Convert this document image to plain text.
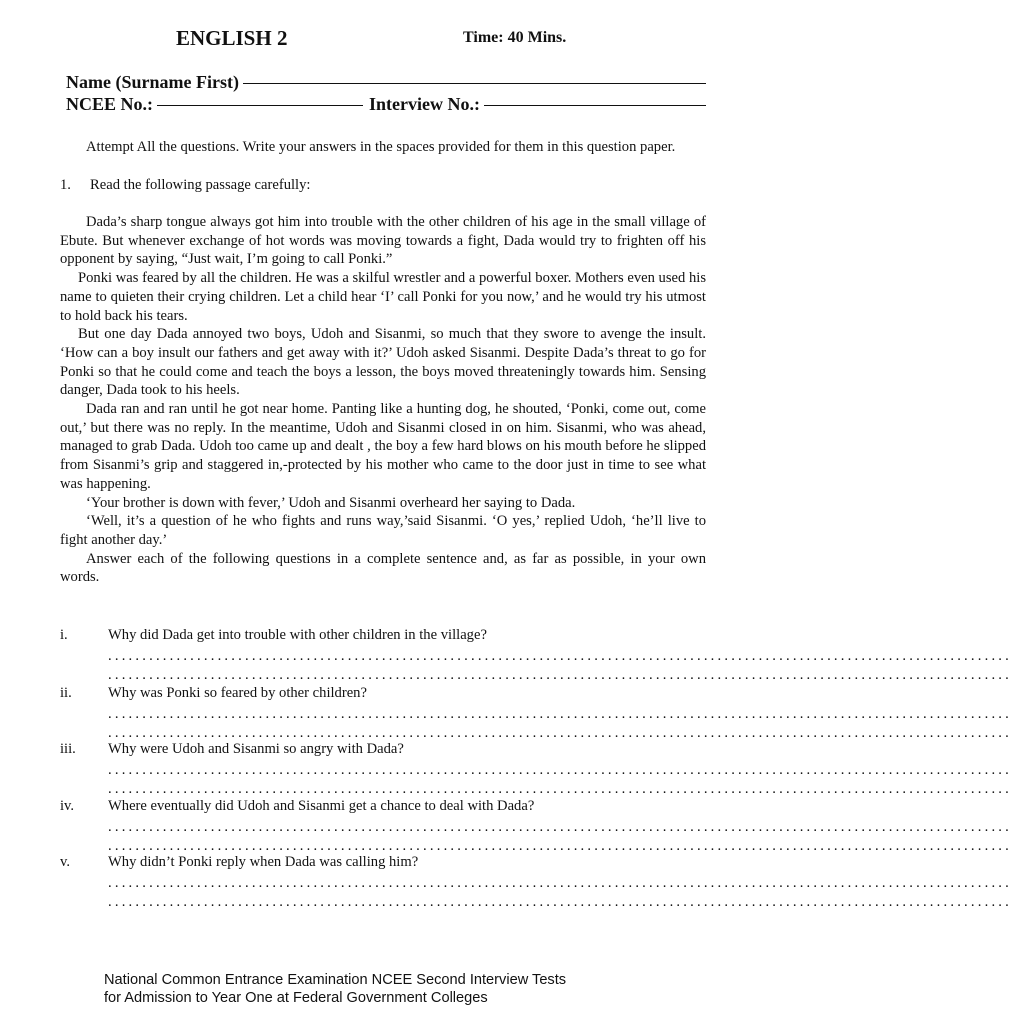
ENGLISH 2	Time: 40 Mins.
Name (Surname First)
NCEE No.:	Interview No.:

Attempt All the questions. Write your answers in the spaces provided for them in this question paper.

1.	Read the following passage carefully:

Dada’s sharp tongue always got him into trouble with the other children of his age in the small village of Ebute. But whenever exchange of hot words was moving towards a fight, Dada would try to frighten off his opponent by saying, “Just wait, I’m going to call Ponki.”

Ponki was feared by all the children. He was a skilful wrestler and a powerful boxer. Mothers even used his name to quieten their crying children. Let a child hear ‘I’ call Ponki for you now,’ and he would try his utmost to hold back his tears.

But one day Dada annoyed two boys, Udoh and Sisanmi, so much that they swore to avenge the insult. ‘How can a boy insult our fathers and get away with it?’ Udoh asked Sisanmi. Despite Dada’s threat to go for Ponki so that he could come and teach the boys a lesson, the boys moved threateningly towards him. Sensing danger, Dada took to his heels.

Dada ran and ran until he got near home. Panting like a hunting dog, he shouted, ‘Ponki, come out, come out,’ but there was no reply. In the meantime, Udoh and Sisanmi closed in on him. Sisanmi, who was ahead, managed to grab Dada. Udoh too came up and dealt , the boy a few hard blows on his mouth before he slipped from Sisanmi’s grip and staggered in,-protected by his mother who came to the door just in time to see what was happening.

‘Your brother is down with fever,’ Udoh and Sisanmi overheard her saying to Dada.

‘Well, it’s a question of he who fights and runs way,’said Sisanmi. ‘O yes,’ replied Udoh, ‘he’ll live to fight another day.’

Answer each of the following questions in a complete sentence and, as far as possible, in your own words.

i.	Why did Dada get into trouble with other children in the village?
....................................................................................................................................
....................................................................................................................................
ii.	Why was Ponki so feared by other children?
....................................................................................................................................
....................................................................................................................................
iii.	Why were Udoh and Sisanmi so angry with Dada?
....................................................................................................................................
....................................................................................................................................
iv.	Where eventually did Udoh and Sisanmi get a chance to deal with Dada?
....................................................................................................................................
....................................................................................................................................
v.	Why didn’t Ponki reply when Dada was calling him?
....................................................................................................................................
....................................................................................................................................
National Common Entrance Examination NCEE Second Interview Tests
for Admission to Year One at Federal Government Colleges
